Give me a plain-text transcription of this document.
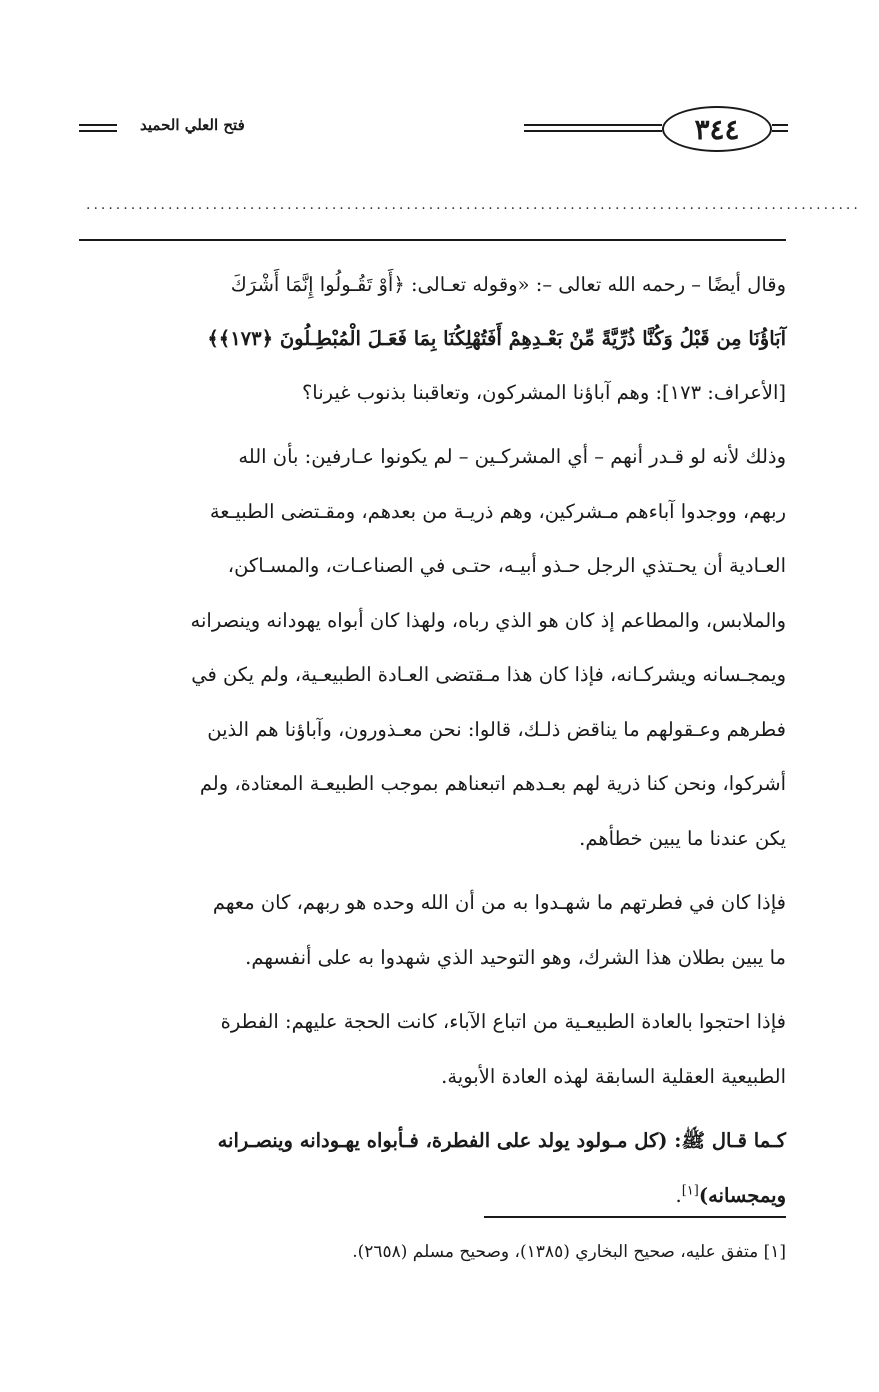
٣٤٤
فتح العلي الحميد
........................................................................................................

وقال أيضًا – رحمه الله تعالى –: «وقوله تعـالى: ﴿أَوْ تَقُـولُوا إِنَّمَا أَشْرَكَ
آبَاؤُنَا مِن قَبْلُ وَكُنَّا ذُرِّيَّةً مِّنْ بَعْـدِهِمْ أَفَتُهْلِكُنَا بِمَا فَعَـلَ الْمُبْطِـلُونَ ﴿١٧٣﴾﴾
[الأعراف: ١٧٣]: وهم آباؤنا المشركون، وتعاقبنا بذنوب غيرنا؟

وذلك لأنه لو قـدر أنهم – أي المشركـين – لم يكونوا عـارفين: بأن الله
ربهم، ووجدوا آباءهم مـشركين، وهم ذريـة من بعدهم، ومقـتضى الطبيـعة
العـادية أن يحـتذي الرجل حـذو أبيـه، حتـى في الصناعـات، والمسـاكن،
والملابس، والمطاعم إذ كان هو الذي رباه، ولهذا كان أبواه يهودانه وينصرانه
ويمجـسانه ويشركـانه، فإذا كان هذا مـقتضى العـادة الطبيعـية، ولم يكن في
فطرهم وعـقولهم ما يناقض ذلـك، قالوا: نحن معـذورون، وآباؤنا هم الذين
أشركوا، ونحن كنا ذرية لهم بعـدهم اتبعناهم بموجب الطبيعـة المعتادة، ولم
يكن عندنا ما يبين خطأهم.

فإذا كان في فطرتهم ما شهـدوا به من أن الله وحده هو ربهم، كان معهم
ما يبين بطلان هذا الشرك، وهو التوحيد الذي شهدوا به على أنفسهم.

فإذا احتجوا بالعادة الطبيعـية من اتباع الآباء، كانت الحجة عليهم: الفطرة
الطبيعية العقلية السابقة لهذه العادة الأبوية.

كـما قـال ﷺ: (كل مـولود يولد على الفطرة، فـأبواه يهـودانه وينصـرانه
ويمجسانه)[١].

[١] متفق عليه، صحيح البخاري (١٣٨٥)، وصحيح مسلم (٢٦٥٨).
